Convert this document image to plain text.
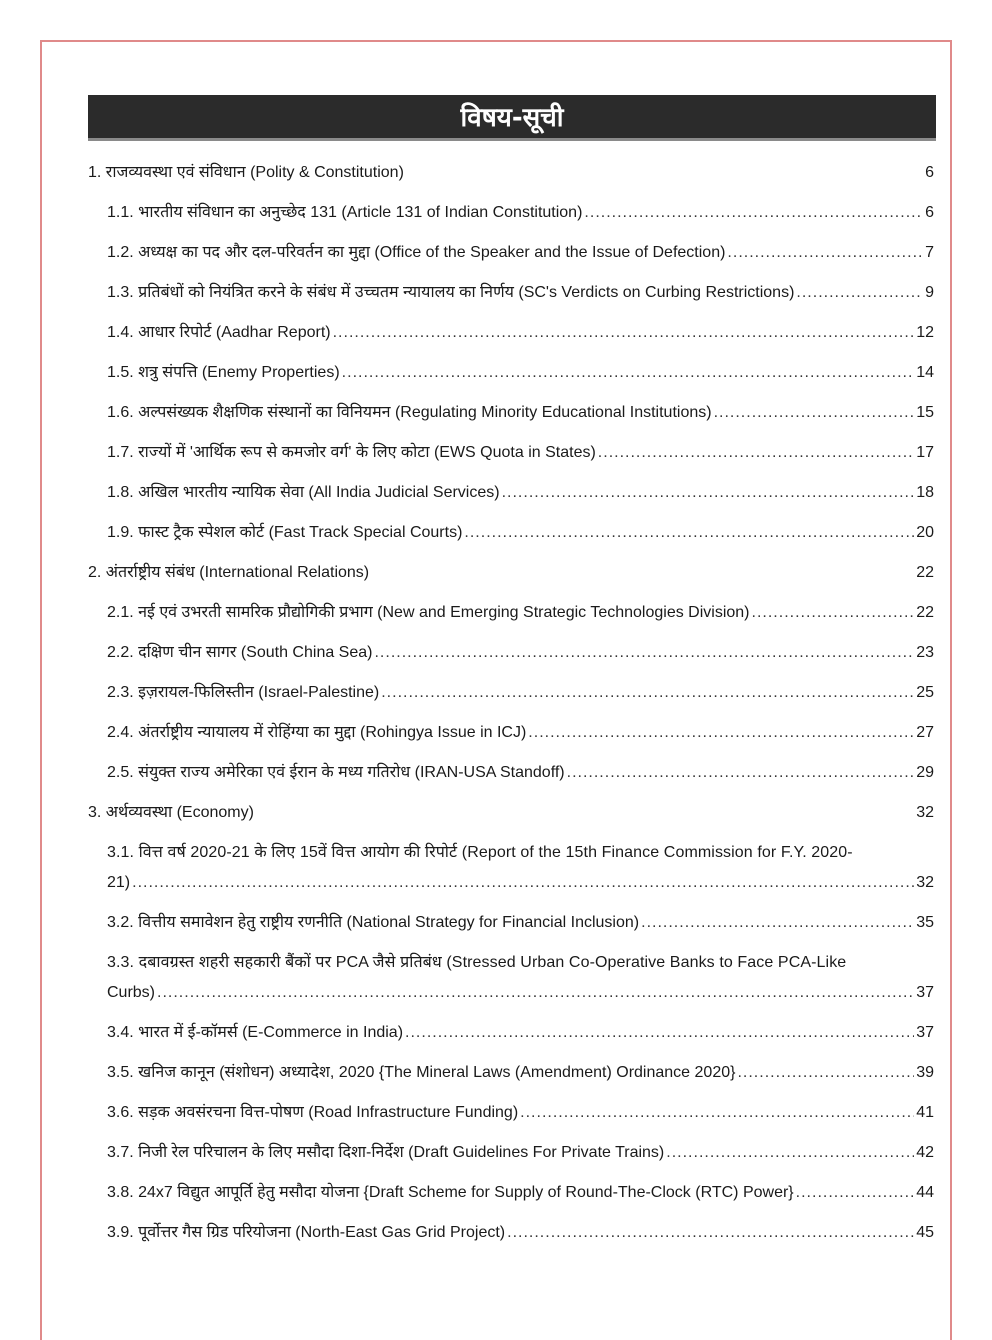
विषय-सूची
1. राजव्यवस्था एवं संविधान (Polity & Constitution)	6
1.1. भारतीय संविधान का अनुच्छेद 131 (Article 131 of Indian Constitution) .....	6
1.2. अध्यक्ष का पद और दल-परिवर्तन का मुद्दा (Office of the Speaker and the Issue of Defection) .....	7
1.3. प्रतिबंधों को नियंत्रित करने के संबंध में उच्चतम न्यायालय का निर्णय (SC's Verdicts on Curbing Restrictions) .....	9
1.4. आधार रिपोर्ट (Aadhar Report) .....	12
1.5. शत्रु संपत्ति (Enemy Properties) .....	14
1.6. अल्पसंख्यक शैक्षणिक संस्थानों का विनियमन (Regulating Minority Educational Institutions) .....	15
1.7. राज्यों में 'आर्थिक रूप से कमजोर वर्ग' के लिए कोटा (EWS Quota in States) .....	17
1.8. अखिल भारतीय न्यायिक सेवा (All India Judicial Services) .....	18
1.9. फास्ट ट्रैक स्पेशल कोर्ट (Fast Track Special Courts) .....	20
2. अंतर्राष्ट्रीय संबंध (International Relations)	22
2.1. नई एवं उभरती सामरिक प्रौद्योगिकी प्रभाग (New and Emerging Strategic Technologies Division) .....	22
2.2. दक्षिण चीन सागर (South China Sea) .....	23
2.3. इज़रायल-फिलिस्तीन (Israel-Palestine) .....	25
2.4. अंतर्राष्ट्रीय न्यायालय में रोहिंग्या का मुद्दा (Rohingya Issue in ICJ) .....	27
2.5. संयुक्त राज्य अमेरिका एवं ईरान के मध्य गतिरोध (IRAN-USA Standoff) .....	29
3. अर्थव्यवस्था (Economy)	32
3.1. वित्त वर्ष 2020-21 के लिए 15वें वित्त आयोग की रिपोर्ट (Report of the 15th Finance Commission for F.Y. 2020-
21) .....	32
3.2. वित्तीय समावेशन हेतु राष्ट्रीय रणनीति (National Strategy for Financial Inclusion) .....	35
3.3. दबावग्रस्त शहरी सहकारी बैंकों पर PCA जैसे प्रतिबंध (Stressed Urban Co-Operative Banks to Face PCA-Like
Curbs) .....	37
3.4. भारत में ई-कॉमर्स (E-Commerce in India) .....	37
3.5. खनिज कानून (संशोधन) अध्यादेश, 2020 {The Mineral Laws (Amendment) Ordinance 2020} .....	39
3.6. सड़क अवसंरचना वित्त-पोषण (Road Infrastructure Funding) .....	41
3.7. निजी रेल परिचालन के लिए मसौदा दिशा-निर्देश (Draft Guidelines For Private Trains) .....	42
3.8. 24x7 विद्युत आपूर्ति हेतु मसौदा योजना {Draft Scheme for Supply of Round-The-Clock (RTC) Power} .....	44
3.9. पूर्वोत्तर गैस ग्रिड परियोजना (North-East Gas Grid Project) .....	45
